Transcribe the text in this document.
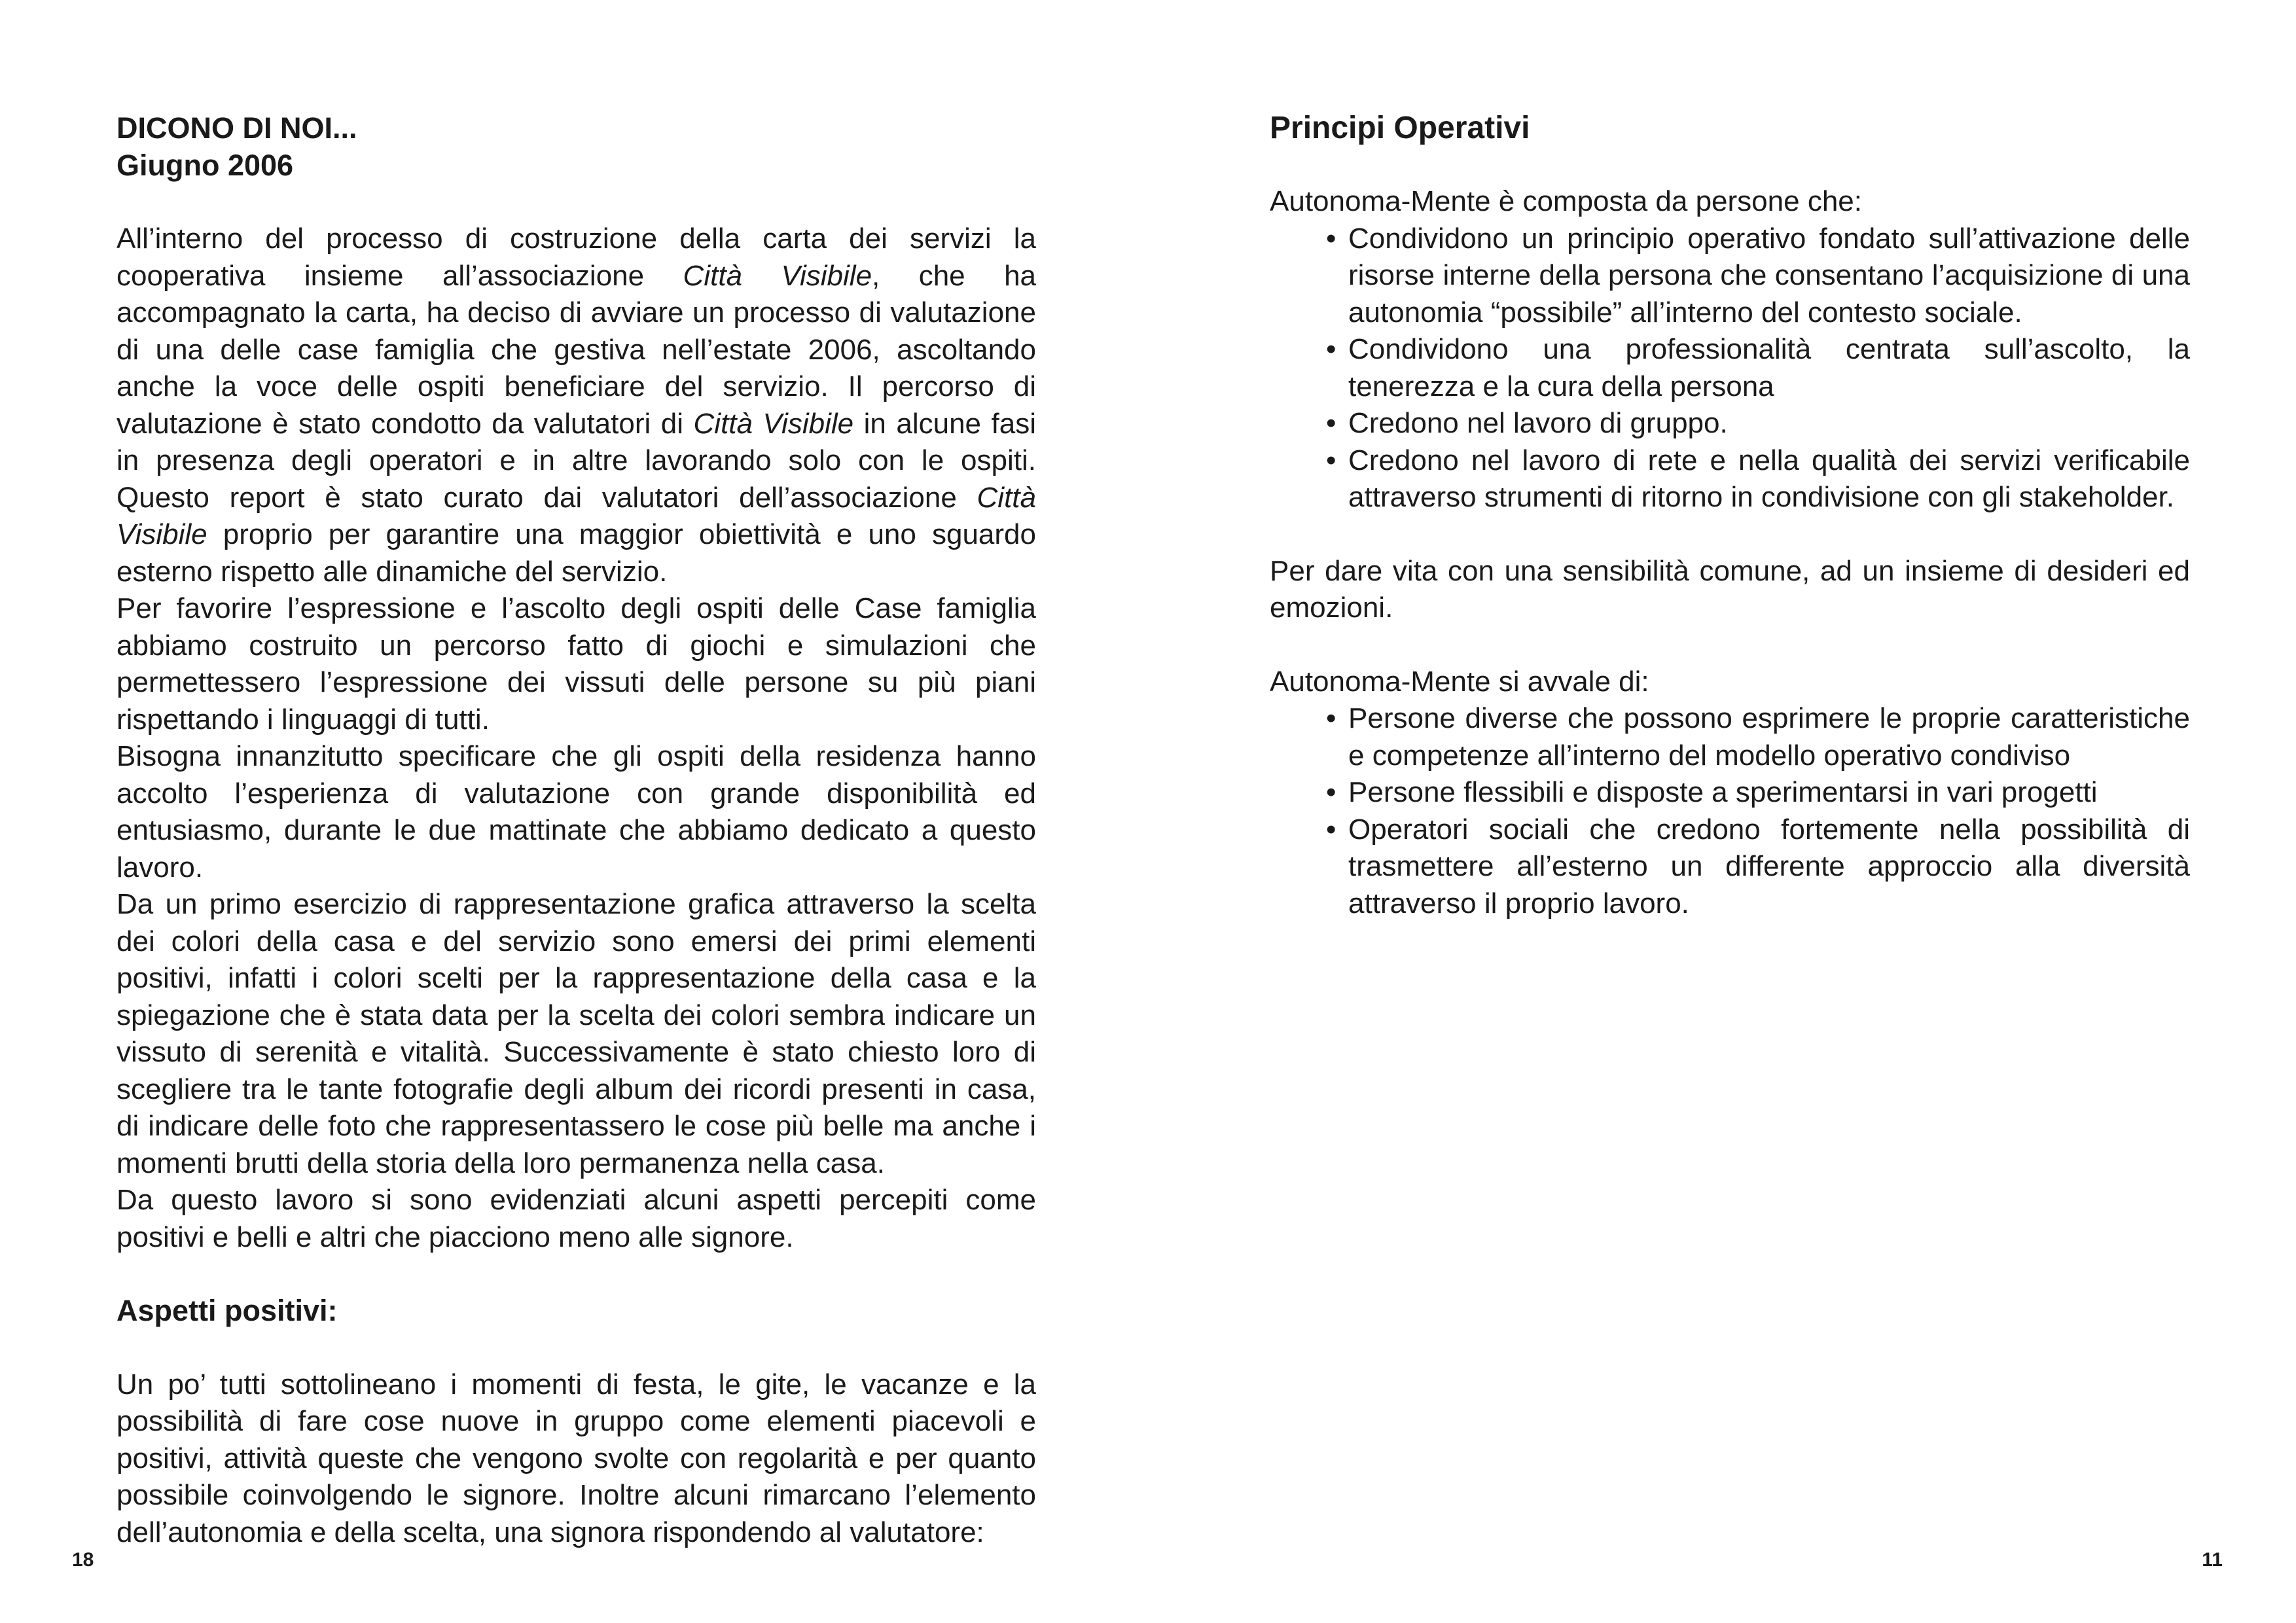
DICONO DI NOI...

Giugno 2006

All’interno del processo di costruzione della carta dei servizi la cooperativa insieme all’associazione Città Visibile, che ha accompagnato la carta, ha deciso di avviare un processo di valutazione di una delle case famiglia che gestiva nell’estate 2006, ascoltando anche la voce delle ospiti beneficiare del servizio. Il percorso di valutazione è stato condotto da valutatori di Città Visibile in alcune fasi in presenza degli operatori e in altre lavorando solo con le ospiti. Questo report è stato curato dai valutatori dell’associazione Città Visibile proprio per garantire una maggior obiettività e uno sguardo esterno rispetto alle dinamiche del servizio.

Per favorire l’espressione e l’ascolto degli ospiti delle Case famiglia abbiamo costruito un percorso fatto di giochi e simulazioni che permettessero l’espressione dei vissuti delle persone su più piani rispettando i linguaggi di tutti.

Bisogna innanzitutto specificare che gli ospiti della residenza hanno accolto l’esperienza di valutazione con grande disponibilità ed entusiasmo, durante le due mattinate che abbiamo dedicato a questo lavoro.

Da un primo esercizio di rappresentazione grafica attraverso la scelta dei colori della casa e del servizio sono emersi dei primi elementi positivi, infatti i colori scelti per la rappresentazione della casa e la spiegazione che è stata data per la scelta dei colori sembra indicare un vissuto di serenità e vitalità. Successivamente è stato chiesto loro di scegliere tra le tante fotografie degli album dei ricordi presenti in casa, di indicare delle foto che rappresentassero le cose più belle ma anche i momenti brutti della storia della loro permanenza nella casa.

Da questo lavoro si sono evidenziati alcuni aspetti percepiti come positivi e belli e altri che piacciono meno alle signore.

Aspetti positivi:

Un po’ tutti sottolineano i momenti di festa, le gite, le vacanze e la possibilità di fare cose nuove in gruppo come elementi piacevoli e positivi, attività queste che vengono svolte con regolarità e per quanto possibile coinvolgendo le signore. Inoltre alcuni rimarcano l’elemento dell’autonomia e della scelta, una signora rispondendo al valutatore:

18

Principi Operativi

Autonoma-Mente è composta da persone che:

• Condividono un principio operativo fondato sull’attivazione delle risorse interne della persona che consentano l’acquisizione di una autonomia “possibile” all’interno del contesto sociale.
• Condividono una professionalità centrata sull’ascolto, la tenerezza e la cura della persona
• Credono nel lavoro di gruppo.
• Credono nel lavoro di rete e nella qualità dei servizi verificabile attraverso strumenti di ritorno in condivisione con gli stakeholder.

Per dare vita con una sensibilità comune, ad un insieme di desideri ed emozioni.

Autonoma-Mente si avvale di:

• Persone diverse che possono esprimere le proprie caratteristiche e competenze all’interno del modello operativo condiviso
• Persone flessibili e disposte a sperimentarsi in vari progetti
• Operatori sociali che credono fortemente nella possibilità di trasmettere all’esterno un differente approccio alla diversità attraverso il proprio lavoro.
11
